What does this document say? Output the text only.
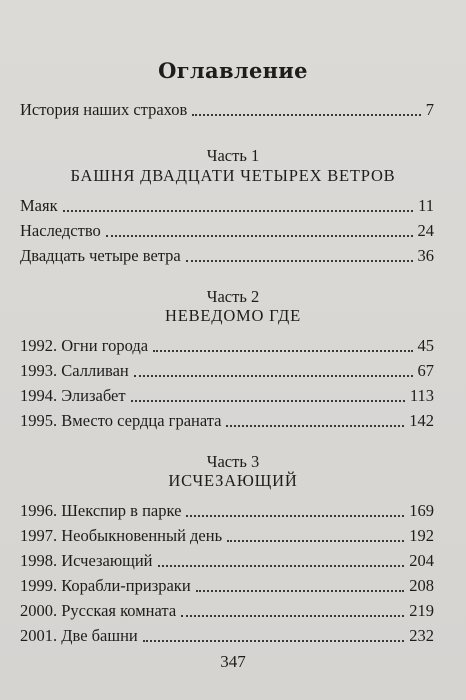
Оглавление
История наших страхов	7
Часть 1
БАШНЯ ДВАДЦАТИ ЧЕТЫРЕХ ВЕТРОВ
Маяк	11
Наследство	24
Двадцать четыре ветра	36
Часть 2
НЕВЕДОМО ГДЕ
1992. Огни города	45
1993. Салливан	67
1994. Элизабет	113
1995. Вместо сердца граната	142
Часть 3
ИСЧЕЗАЮЩИЙ
1996. Шекспир в парке	169
1997. Необыкновенный день	192
1998. Исчезающий	204
1999. Корабли-призраки	208
2000. Русская комната	219
2001. Две башни	232
347
